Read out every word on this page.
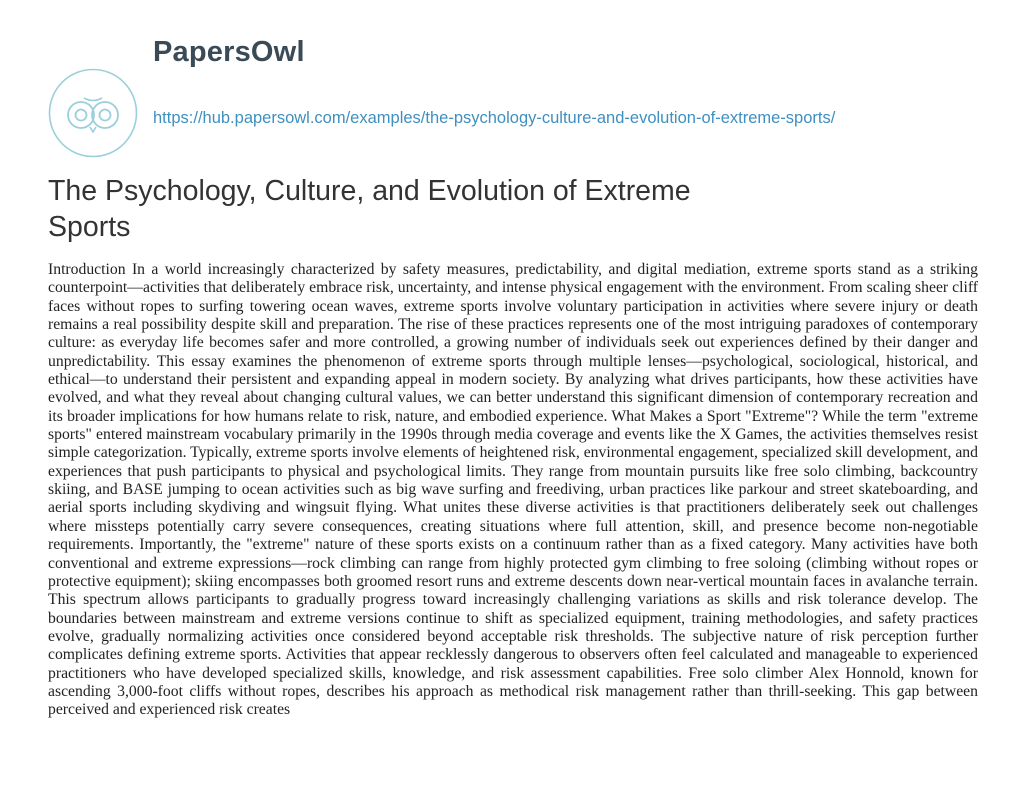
PapersOwl
https://hub.papersowl.com/examples/the-psychology-culture-and-evolution-of-extreme-sports/
The Psychology, Culture, and Evolution of Extreme Sports

Introduction In a world increasingly characterized by safety measures, predictability, and digital mediation, extreme sports stand as a striking counterpoint—activities that deliberately embrace risk, uncertainty, and intense physical engagement with the environment. From scaling sheer cliff faces without ropes to surfing towering ocean waves, extreme sports involve voluntary participation in activities where severe injury or death remains a real possibility despite skill and preparation. The rise of these practices represents one of the most intriguing paradoxes of contemporary culture: as everyday life becomes safer and more controlled, a growing number of individuals seek out experiences defined by their danger and unpredictability. This essay examines the phenomenon of extreme sports through multiple lenses—psychological, sociological, historical, and ethical—to understand their persistent and expanding appeal in modern society. By analyzing what drives participants, how these activities have evolved, and what they reveal about changing cultural values, we can better understand this significant dimension of contemporary recreation and its broader implications for how humans relate to risk, nature, and embodied experience. What Makes a Sport "Extreme"? While the term "extreme sports" entered mainstream vocabulary primarily in the 1990s through media coverage and events like the X Games, the activities themselves resist simple categorization. Typically, extreme sports involve elements of heightened risk, environmental engagement, specialized skill development, and experiences that push participants to physical and psychological limits. They range from mountain pursuits like free solo climbing, backcountry skiing, and BASE jumping to ocean activities such as big wave surfing and freediving, urban practices like parkour and street skateboarding, and aerial sports including skydiving and wingsuit flying. What unites these diverse activities is that practitioners deliberately seek out challenges where missteps potentially carry severe consequences, creating situations where full attention, skill, and presence become non-negotiable requirements. Importantly, the "extreme" nature of these sports exists on a continuum rather than as a fixed category. Many activities have both conventional and extreme expressions—rock climbing can range from highly protected gym climbing to free soloing (climbing without ropes or protective equipment); skiing encompasses both groomed resort runs and extreme descents down near-vertical mountain faces in avalanche terrain. This spectrum allows participants to gradually progress toward increasingly challenging variations as skills and risk tolerance develop. The boundaries between mainstream and extreme versions continue to shift as specialized equipment, training methodologies, and safety practices evolve, gradually normalizing activities once considered beyond acceptable risk thresholds. The subjective nature of risk perception further complicates defining extreme sports. Activities that appear recklessly dangerous to observers often feel calculated and manageable to experienced practitioners who have developed specialized skills, knowledge, and risk assessment capabilities. Free solo climber Alex Honnold, known for ascending 3,000-foot cliffs without ropes, describes his approach as methodical risk management rather than thrill-seeking. This gap between perceived and experienced risk creates
